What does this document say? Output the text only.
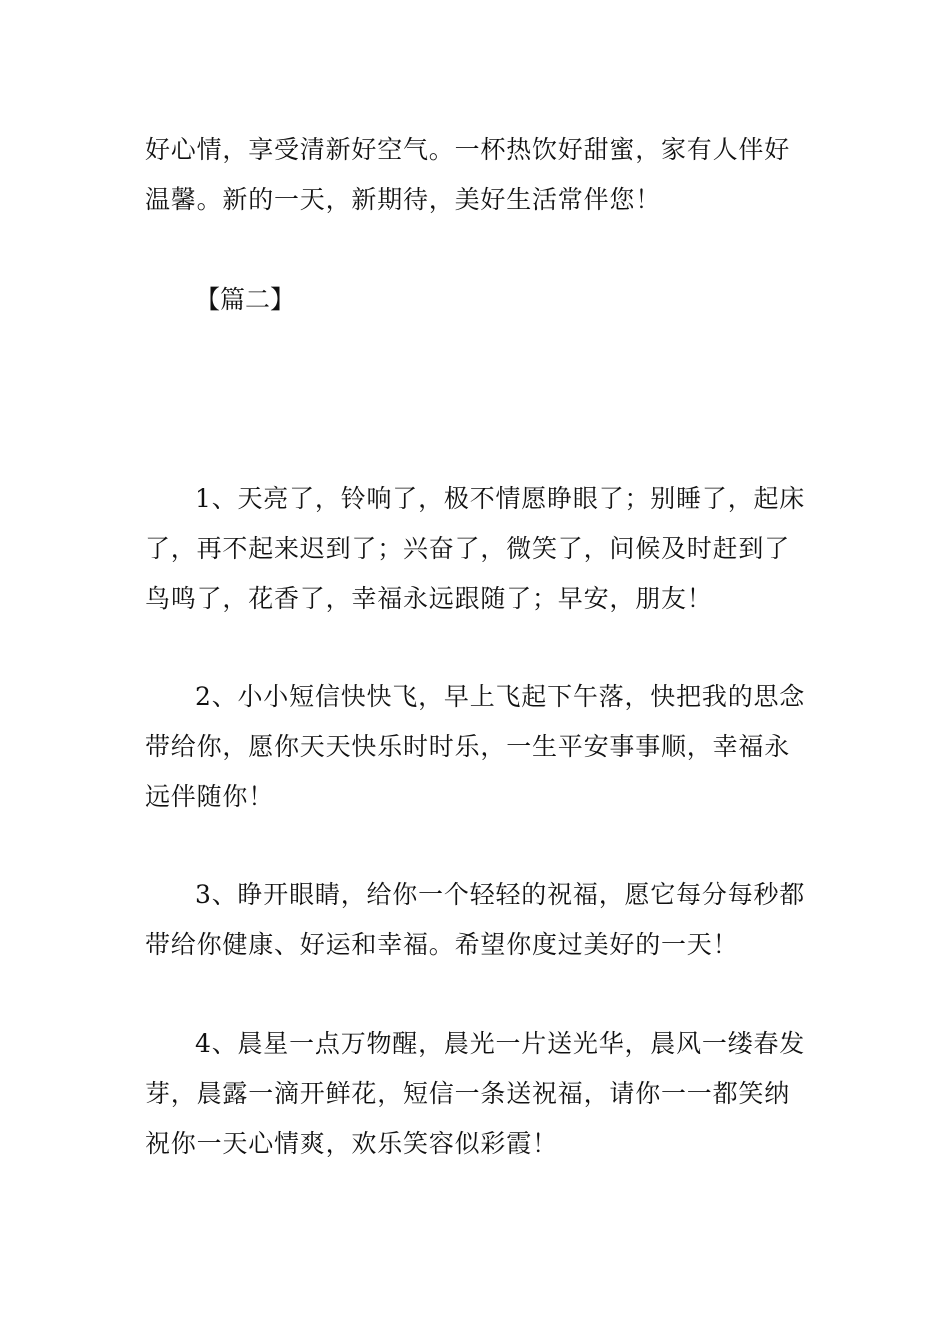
好心情，享受清新好空气。一杯热饮好甜蜜，家有人伴好
温馨。新的一天，新期待，美好生活常伴您！
【篇二】
1、天亮了，铃响了，极不情愿睁眼了；别睡了，起床
了，再不起来迟到了；兴奋了，微笑了，问候及时赶到了
鸟鸣了，花香了，幸福永远跟随了；早安，朋友！
2、小小短信快快飞，早上飞起下午落，快把我的思念
带给你，愿你天天快乐时时乐，一生平安事事顺，幸福永
远伴随你！
3、睁开眼睛，给你一个轻轻的祝福，愿它每分每秒都
带给你健康、好运和幸福。希望你度过美好的一天！
4、晨星一点万物醒，晨光一片送光华，晨风一缕春发
芽，晨露一滴开鲜花，短信一条送祝福，请你一一都笑纳
祝你一天心情爽，欢乐笑容似彩霞！
